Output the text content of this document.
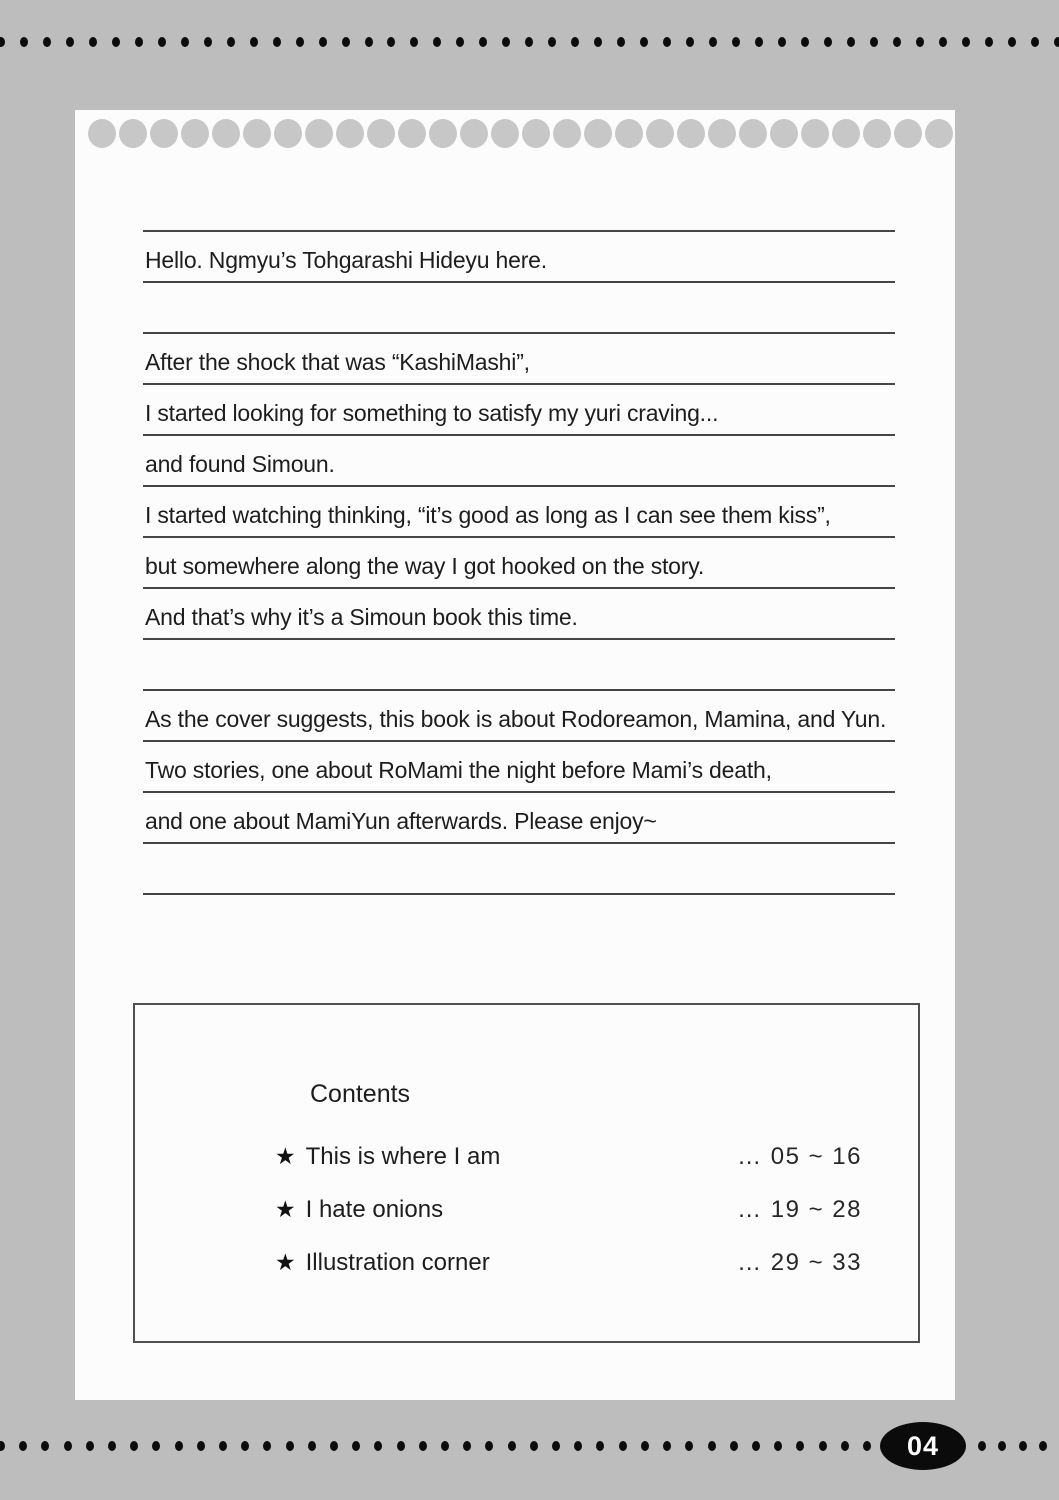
Hello. Ngmyu’s Tohgarashi Hideyu here.
After the shock that was “KashiMashi”,
I started looking for something to satisfy my yuri craving...
and found Simoun.
I started watching thinking, “it’s good as long as I can see them kiss”,
but somewhere along the way I got hooked on the story.
And that’s why it’s a Simoun book this time.
As the cover suggests, this book is about Rodoreamon, Mamina, and Yun.
Two stories, one about RoMami the night before Mami’s death,
and one about MamiYun afterwards. Please enjoy~
Contents
★ This is where I am	… 05 ~ 16
★ I hate onions	… 19 ~ 28
★ Illustration corner	… 29 ~ 33
04
